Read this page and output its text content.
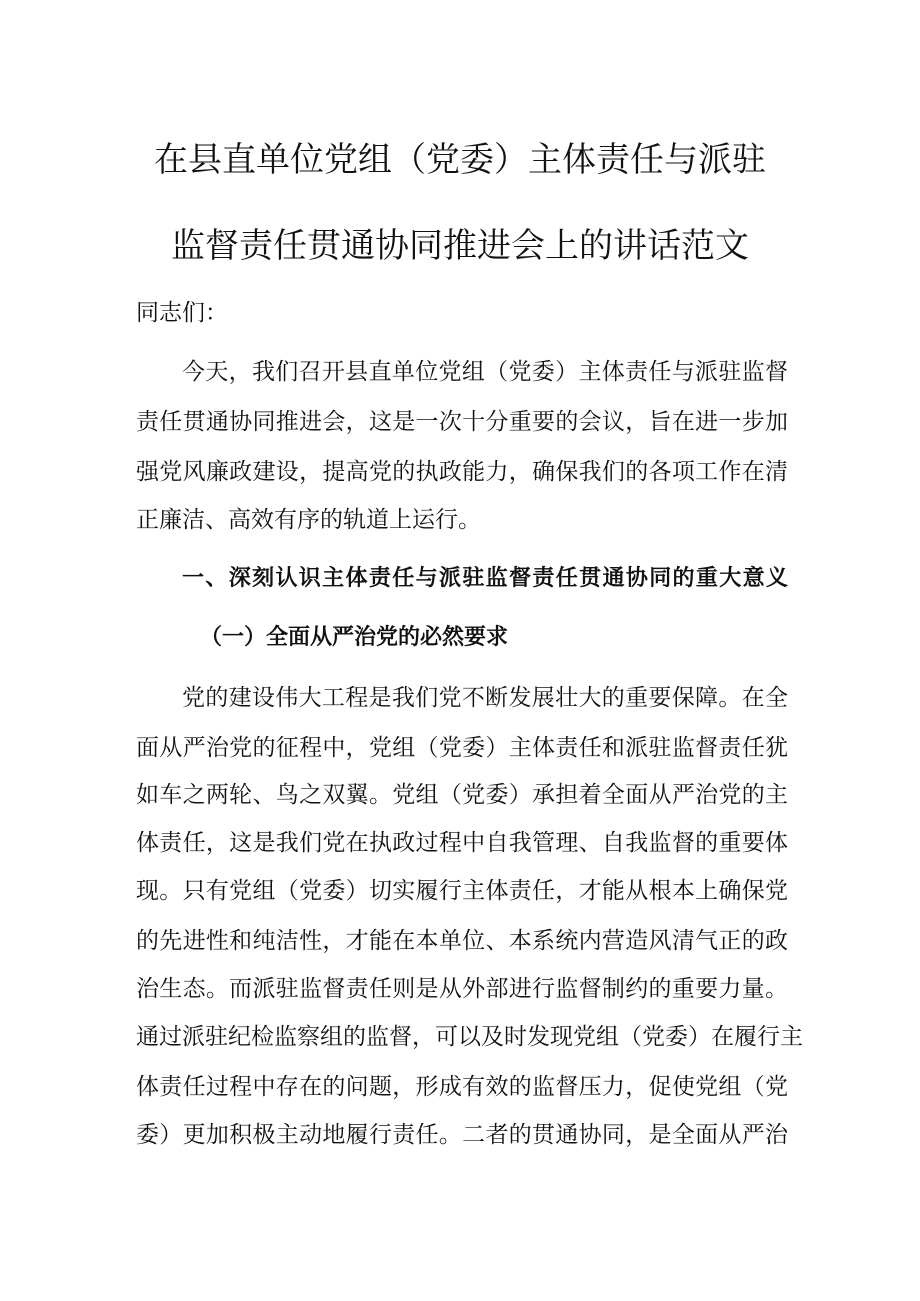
在县直单位党组（党委）主体责任与派驻
监督责任贯通协同推进会上的讲话范文
同志们：
今天，我们召开县直单位党组（党委）主体责任与派驻监督
责任贯通协同推进会，这是一次十分重要的会议，旨在进一步加
强党风廉政建设，提高党的执政能力，确保我们的各项工作在清
正廉洁、高效有序的轨道上运行。
一、深刻认识主体责任与派驻监督责任贯通协同的重大意义
（一）全面从严治党的必然要求
党的建设伟大工程是我们党不断发展壮大的重要保障。在全
面从严治党的征程中，党组（党委）主体责任和派驻监督责任犹
如车之两轮、鸟之双翼。党组（党委）承担着全面从严治党的主
体责任，这是我们党在执政过程中自我管理、自我监督的重要体
现。只有党组（党委）切实履行主体责任，才能从根本上确保党
的先进性和纯洁性，才能在本单位、本系统内营造风清气正的政
治生态。而派驻监督责任则是从外部进行监督制约的重要力量。
通过派驻纪检监察组的监督，可以及时发现党组（党委）在履行主
体责任过程中存在的问题，形成有效的监督压力，促使党组（党
委）更加积极主动地履行责任。二者的贯通协同，是全面从严治
